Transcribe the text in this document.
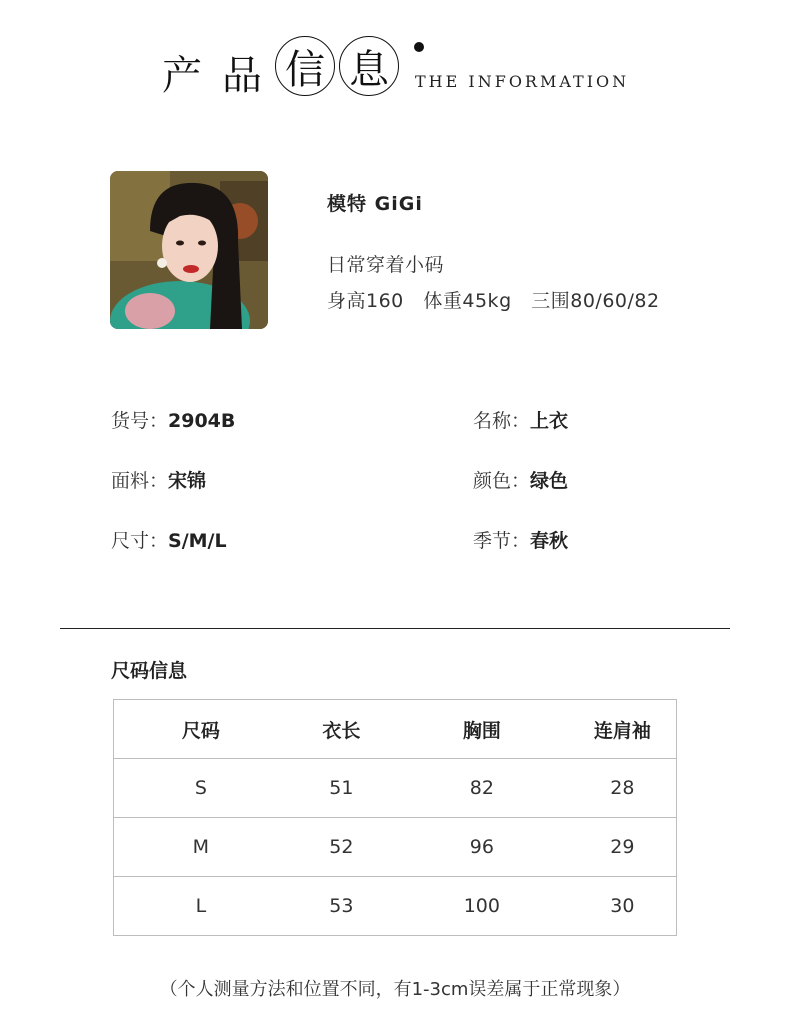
产 品 信 息	THE INFORMATION
模特 GiGi
日常穿着小码
身高160   体重45kg   三围80/60/82
货号：2904B	名称：上衣
面料：宋锦	颜色：绿色
尺寸：S/M/L	季节：春秋
尺码信息
尺码	衣长	胸围	连肩袖
S	51	82	28
M	52	96	29
L	53	100	30
（个人测量方法和位置不同，有1-3cm误差属于正常现象）
